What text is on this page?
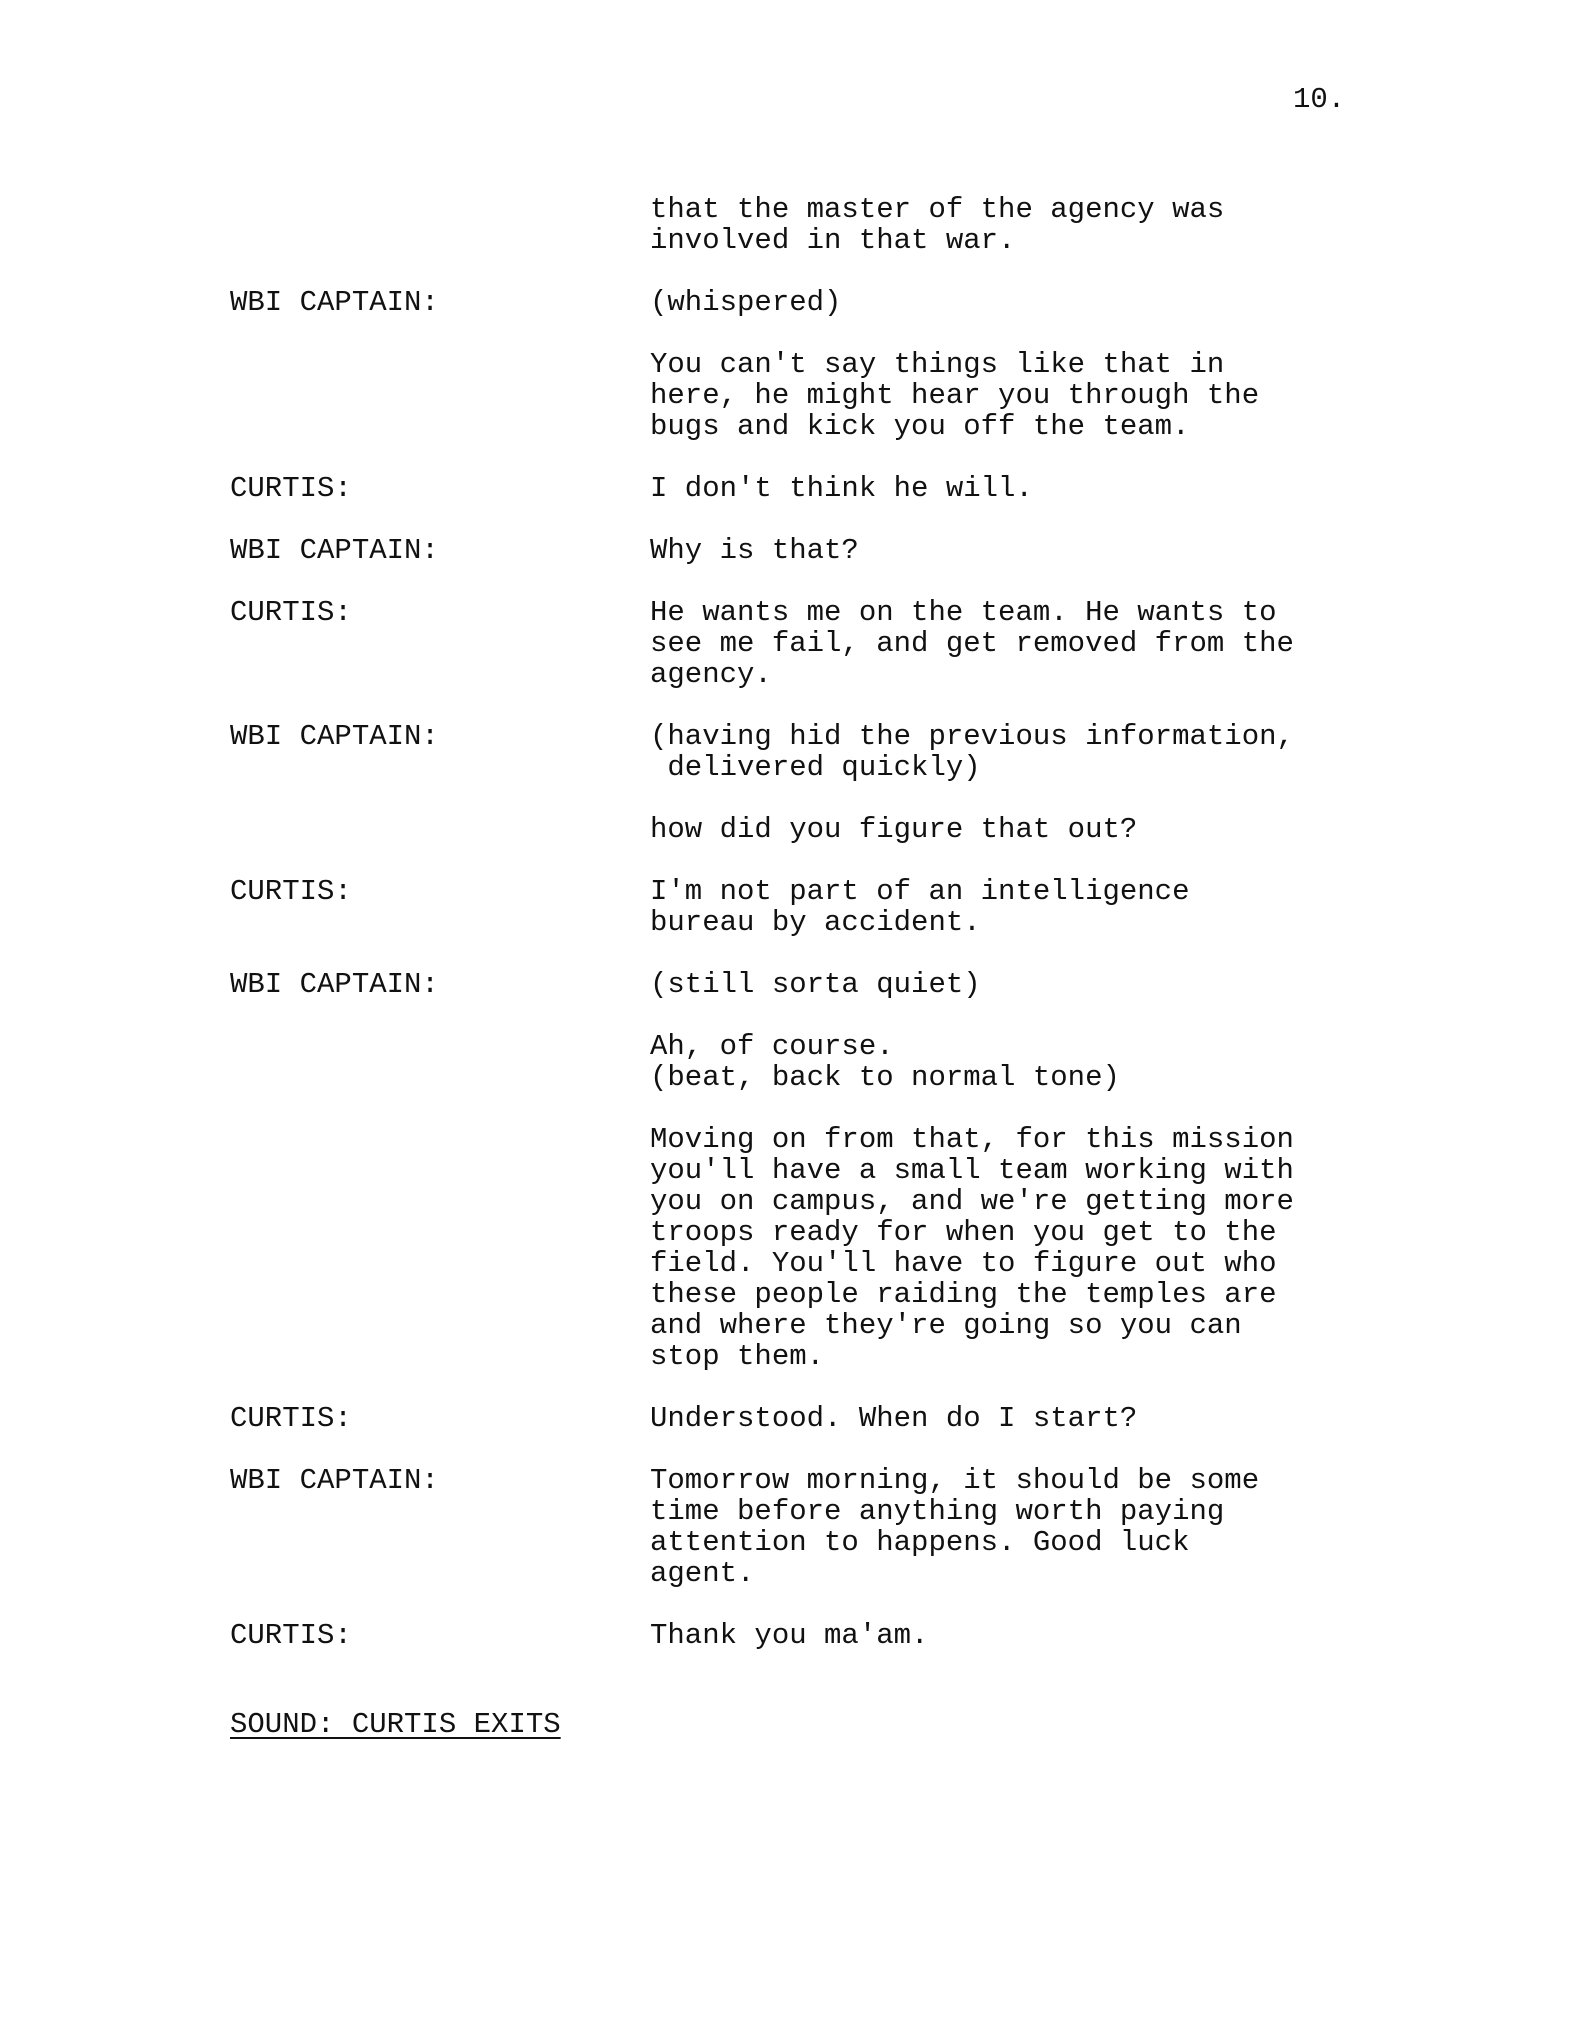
10.
that the master of the agency was
involved in that war.
WBI CAPTAIN:	(whispered)
You can't say things like that in
here, he might hear you through the
bugs and kick you off the team.
CURTIS:	I don't think he will.
WBI CAPTAIN:	Why is that?
CURTIS:	He wants me on the team. He wants to
see me fail, and get removed from the
agency.
WBI CAPTAIN:	(having hid the previous information,
delivered quickly)
how did you figure that out?
CURTIS:	I'm not part of an intelligence
bureau by accident.
WBI CAPTAIN:	(still sorta quiet)
Ah, of course.
(beat, back to normal tone)
Moving on from that, for this mission
you'll have a small team working with
you on campus, and we're getting more
troops ready for when you get to the
field. You'll have to figure out who
these people raiding the temples are
and where they're going so you can
stop them.
CURTIS:	Understood. When do I start?
WBI CAPTAIN:	Tomorrow morning, it should be some
time before anything worth paying
attention to happens. Good luck
agent.
CURTIS:	Thank you ma'am.
SOUND: CURTIS EXITS
